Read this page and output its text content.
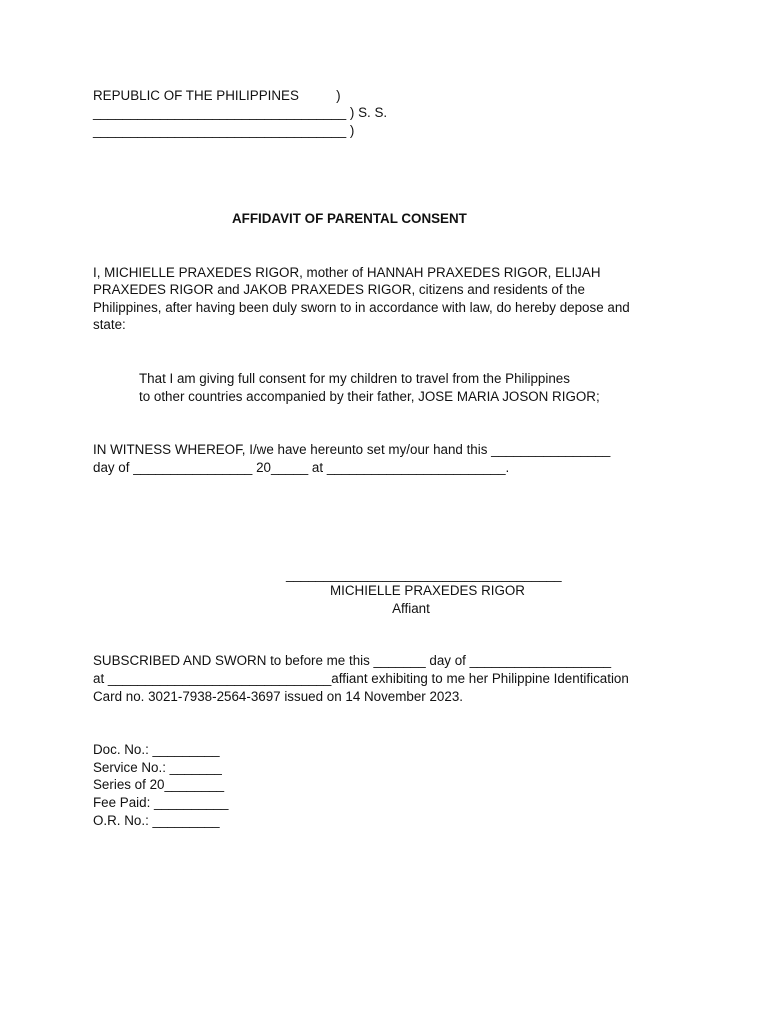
REPUBLIC OF THE PHILIPPINES          )
__________________________________ ) S. S.
__________________________________ )
AFFIDAVIT OF PARENTAL CONSENT
I, MICHIELLE PRAXEDES RIGOR, mother of HANNAH PRAXEDES RIGOR, ELIJAH
PRAXEDES RIGOR and JAKOB PRAXEDES RIGOR, citizens and residents of the
Philippines, after having been duly sworn to in accordance with law, do hereby depose and
state:
That I am giving full consent for my children to travel from the Philippines
to other countries accompanied by their father, JOSE MARIA JOSON RIGOR;
IN WITNESS WHEREOF, I/we have hereunto set my/our hand this ________________
day of ________________ 20_____ at ________________________.
_____________________________________
MICHIELLE PRAXEDES RIGOR
Affiant
SUBSCRIBED AND SWORN to before me this _______ day of ___________________
at ______________________________affiant exhibiting to me her Philippine Identification
Card no. 3021-7938-2564-3697 issued on 14 November 2023.
Doc. No.: _________
Service No.: _______
Series of 20________
Fee Paid: __________
O.R. No.: _________
